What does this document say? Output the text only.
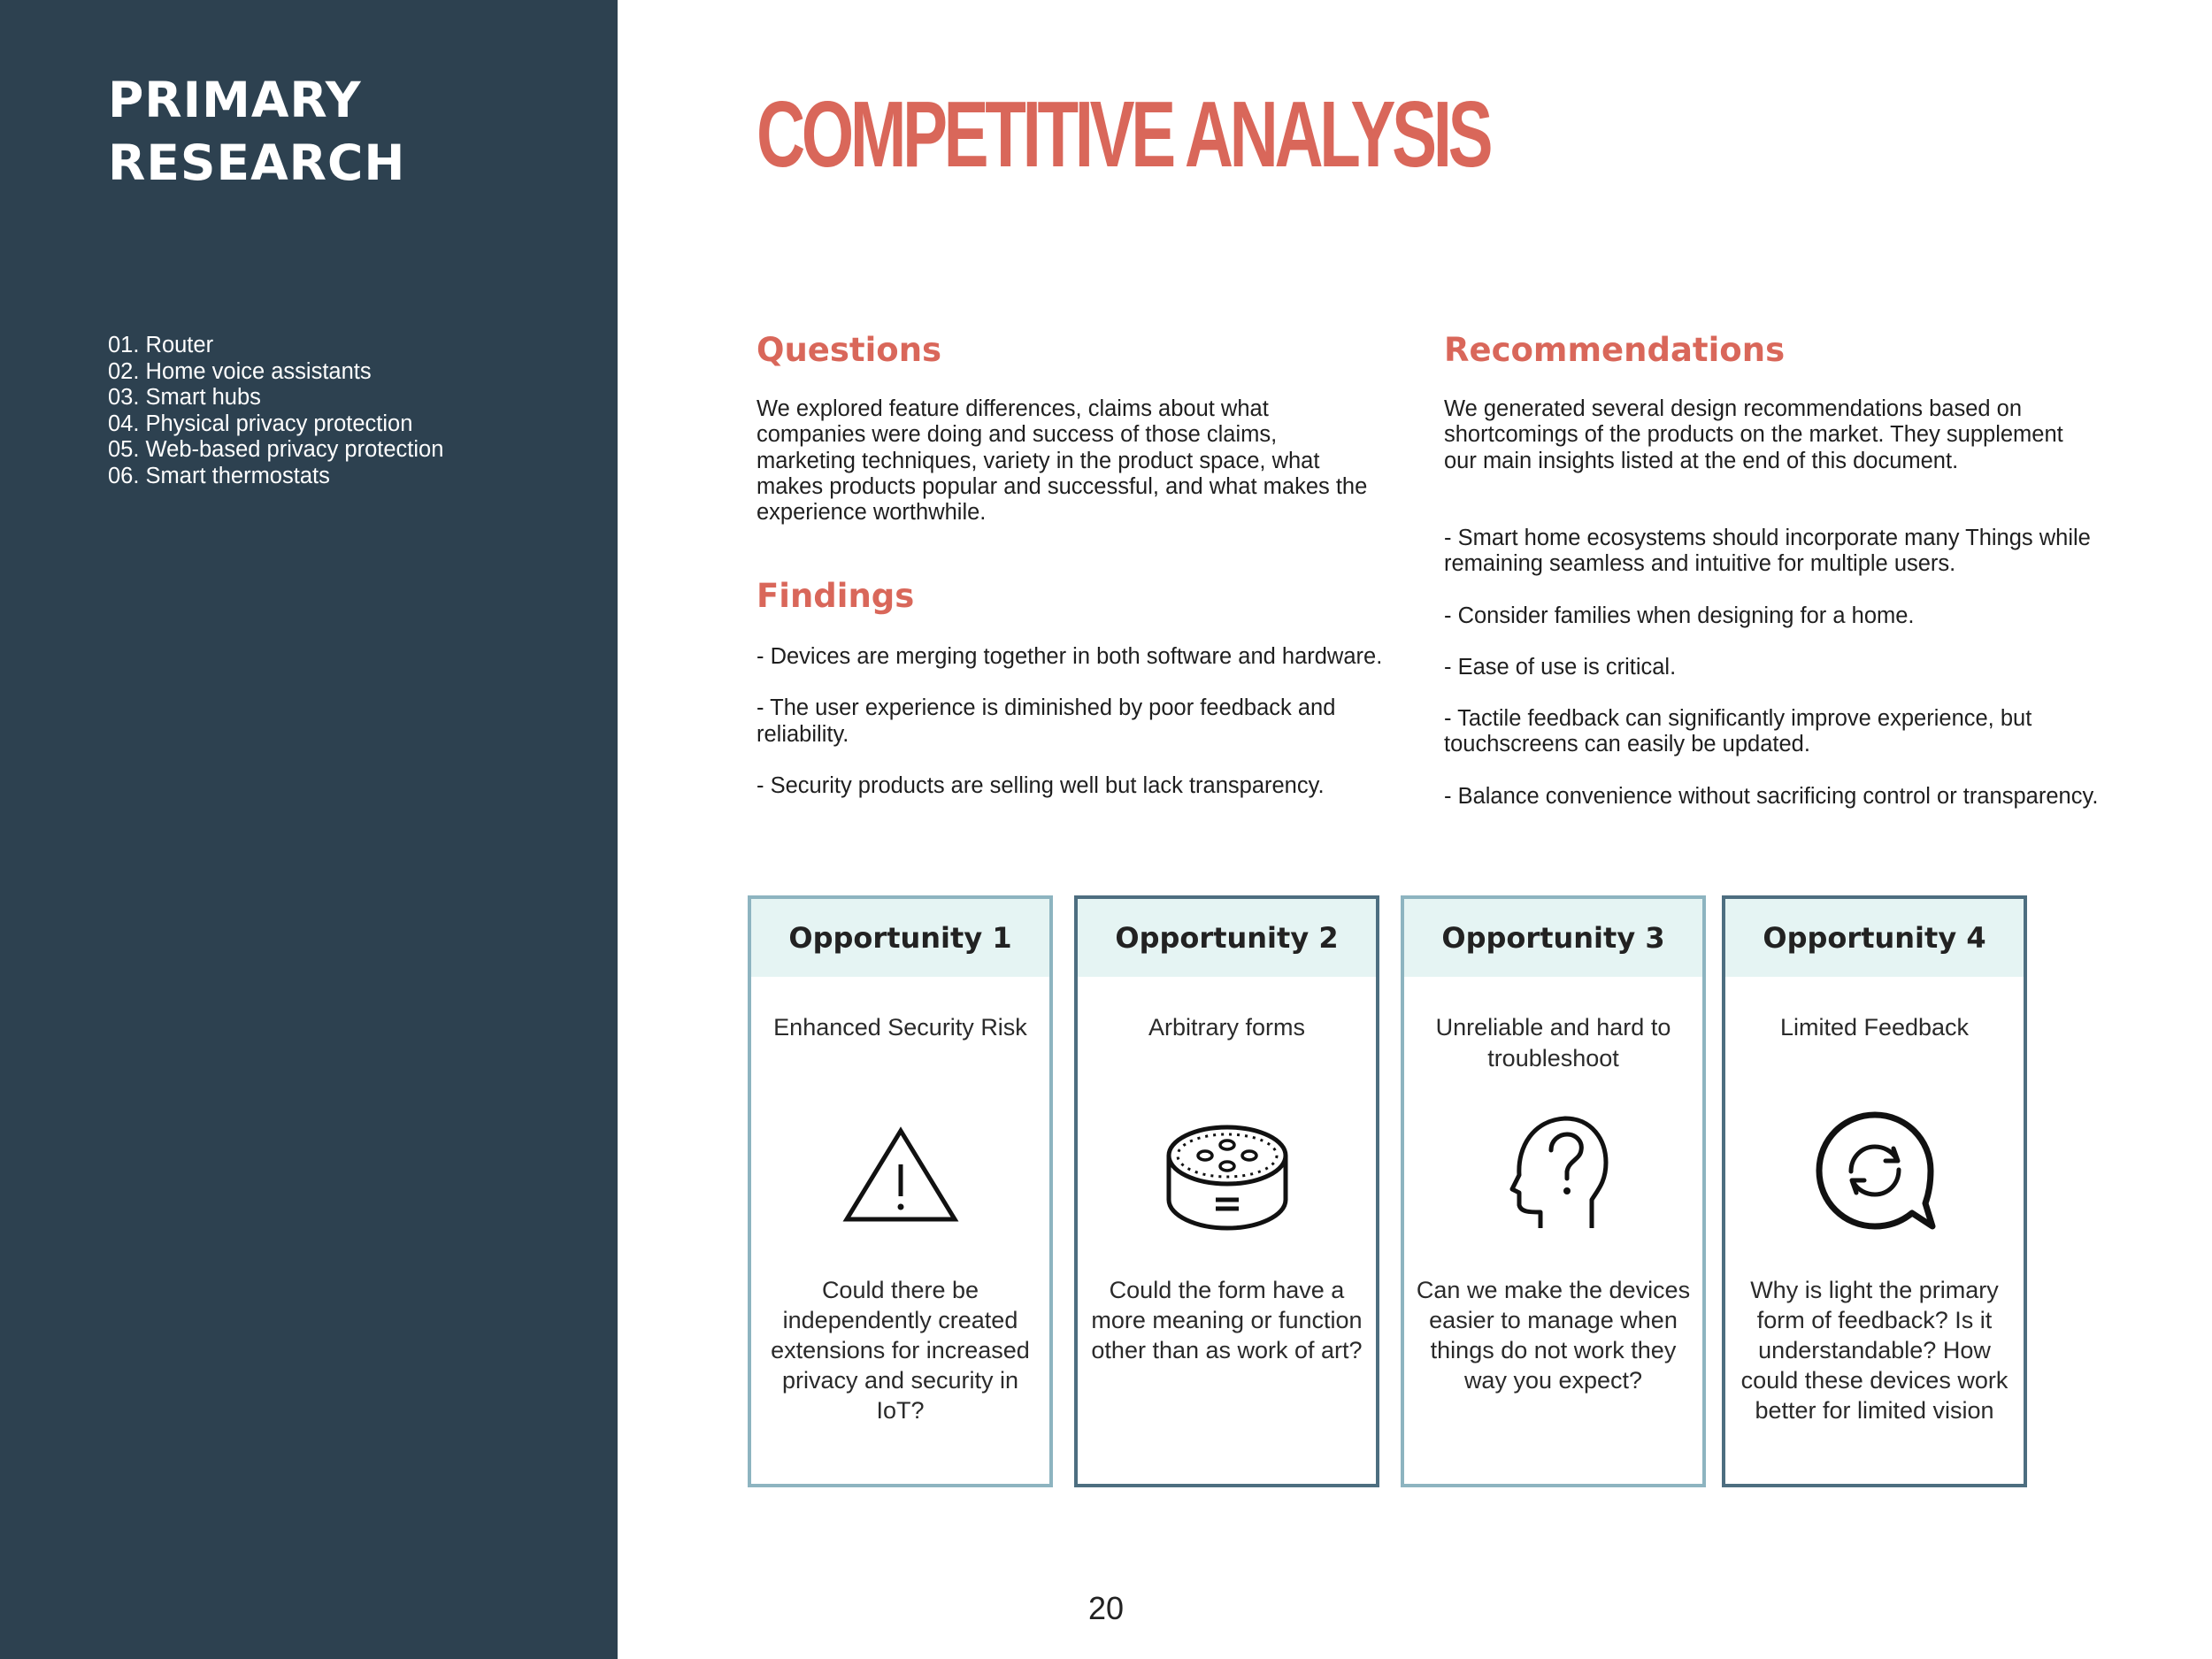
PRIMARY
RESEARCH
01. Router
02. Home voice assistants
03. Smart hubs
04. Physical privacy protection
05. Web-based privacy protection
06. Smart thermostats
COMPETITIVE ANALYSIS
Questions

We explored feature differences, claims about what companies were doing and success of those claims, marketing techniques, variety in the product space, what makes products popular and successful, and what makes the experience worthwhile.

Findings
- Devices are merging together in both software and hardware.
- The user experience is diminished by poor feedback and reliability.
- Security products are selling well but lack transparency.
Recommendations

We generated several design recommendations based on shortcomings of the products on the market. They supplement our main insights listed at the end of this document.

- Smart home ecosystems should incorporate many Things while remaining seamless and intuitive for multiple users.
- Consider families when designing for a home.
- Ease of use is critical.
- Tactile feedback can significantly improve experience, but touchscreens can easily be updated.
- Balance convenience without sacrificing control or transparency.
Opportunity 1
Enhanced Security Risk
Could there be independently created extensions for increased privacy and security in IoT?
Opportunity 2
Arbitrary forms
Could the form have a more meaning or function other than as work of art?
Opportunity 3
Unreliable and hard to troubleshoot
Can we make the devices easier to manage when things do not work they way you expect?
Opportunity 4
Limited Feedback
Why is light the primary form of feedback? Is it understandable? How could these devices work better for limited vision
20
